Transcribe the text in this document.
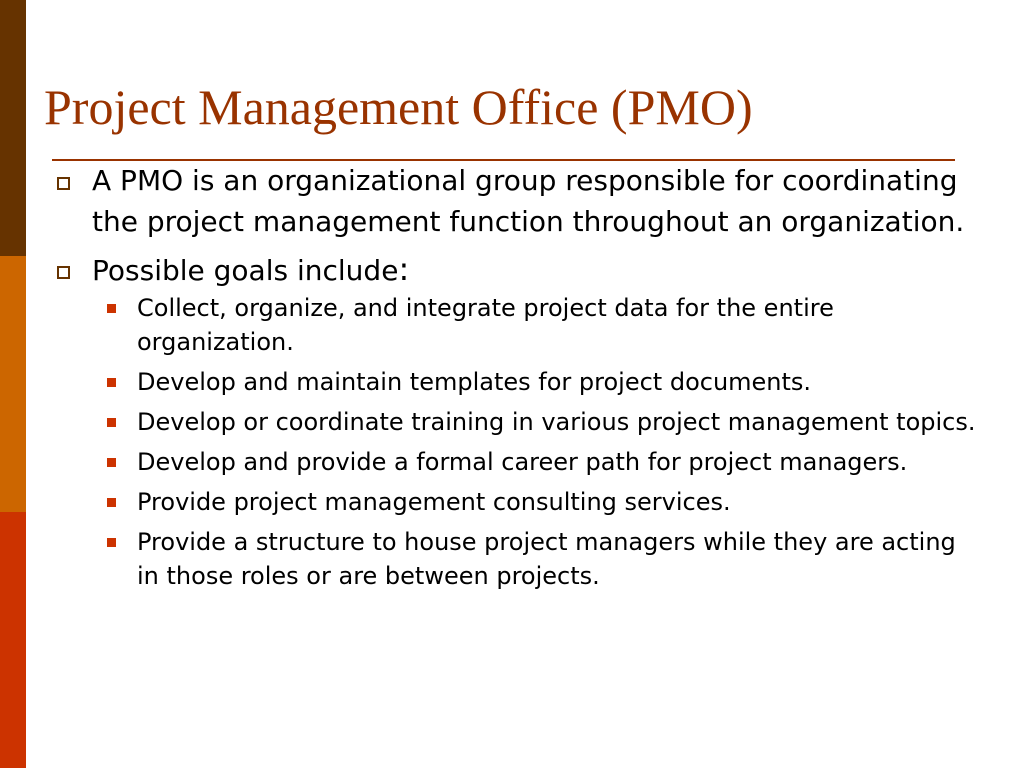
Project Management Office (PMO)
A PMO is an organizational group responsible for coordinating the project management function throughout an organization.
Possible goals include:
Collect, organize, and integrate project data for the entire organization.
Develop and maintain templates for project documents.
Develop or coordinate training in various project management topics.
Develop and provide a formal career path for project managers.
Provide project management consulting services.
Provide a structure to house project managers while they are acting in those roles or are between projects.
